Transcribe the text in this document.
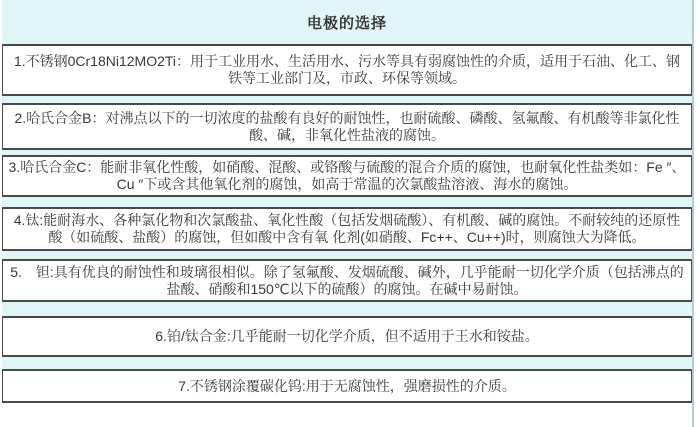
电极的选择
1.不锈钢0Cr18Ni12MO2Ti：用于工业用水、生活用水、污水等具有弱腐蚀性的介质，适用于石油、化工、钢铁等工业部门及，市政、环保等领域。
2.哈氏合金B：对沸点以下的一切浓度的盐酸有良好的耐蚀性，也耐硫酸、磷酸、氢氟酸、有机酸等非氯化性酸、碱，非氧化性盐液的腐蚀。
3.哈氏合金C：能耐非氧化性酸，如硝酸、混酸、或铬酸与硫酸的混合介质的腐蚀，也耐氧化性盐类如：Fe ″、Cu ″下或含其他氧化剂的腐蚀，如高于常温的次氯酸盐溶液、海水的腐蚀。
4.钛:能耐海水、各种氯化物和次氯酸盐、氧化性酸（包括发烟硫酸）、有机酸、碱的腐蚀。不耐较纯的还原性酸（如硫酸、盐酸）的腐蚀，但如酸中含有氧 化剂(如硝酸、Fc++、Cu++)时，则腐蚀大为降低。
5.　钽:具有优良的耐蚀性和玻璃很相似。除了氢氟酸、发烟硫酸、碱外，几乎能耐一切化学介质（包括沸点的盐酸、硝酸和150℃以下的硫酸）的腐蚀。在碱中易耐蚀。
6.铂/钛合金:几乎能耐一切化学介质，但不适用于王水和铵盐。
7.不锈钢涂覆碳化钨:用于无腐蚀性，强磨损性的介质。
